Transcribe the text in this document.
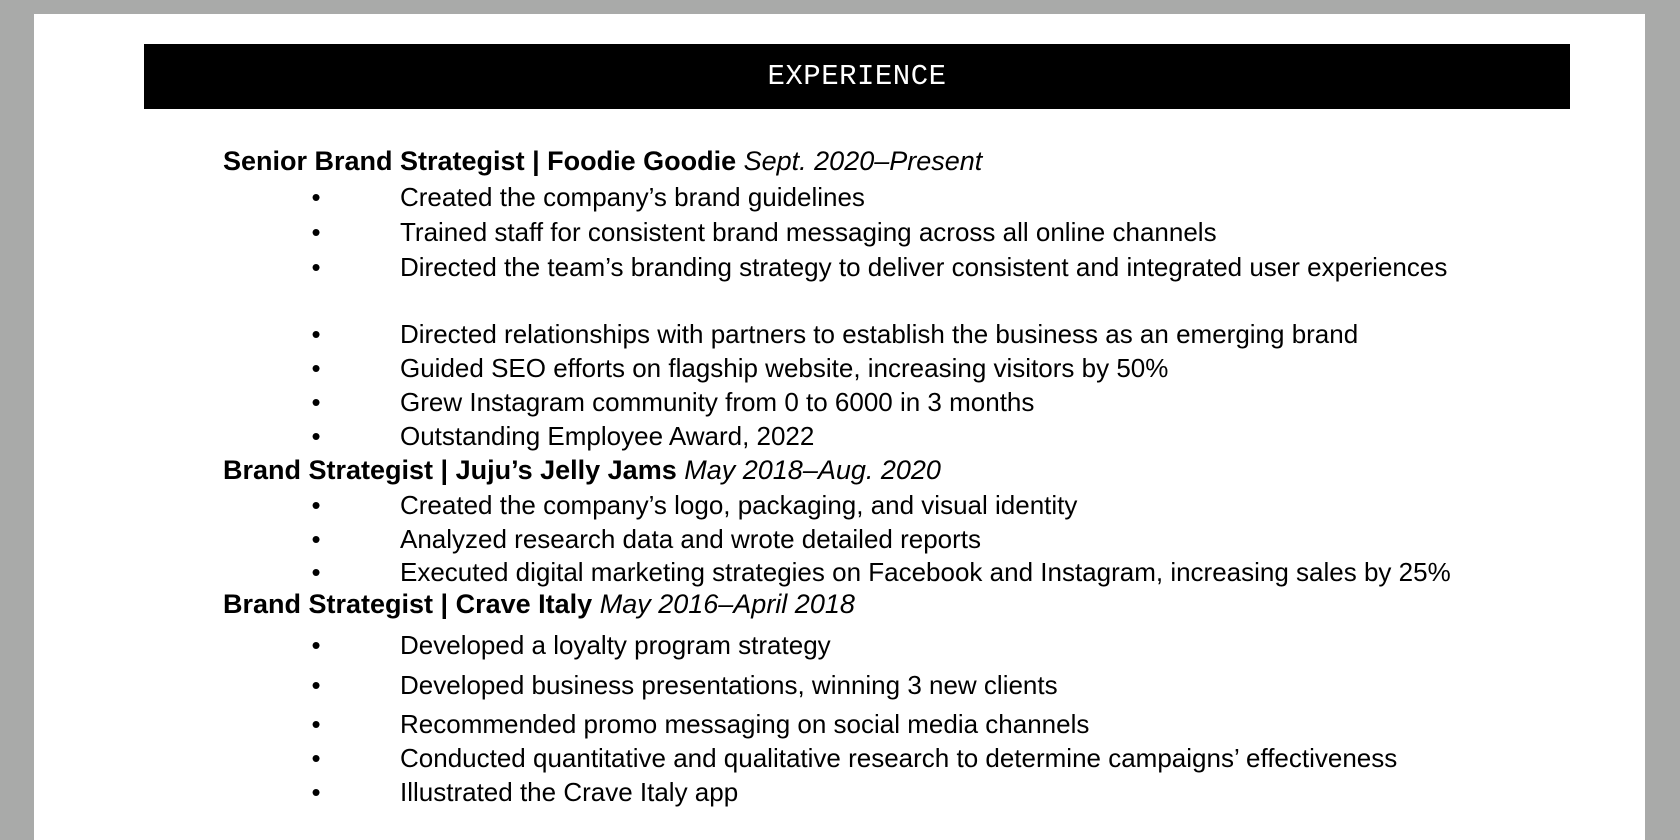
EXPERIENCE
Senior Brand Strategist | Foodie Goodie Sept. 2020–Present
•	Created the company’s brand guidelines
•	Trained staff for consistent brand messaging across all online channels
•	Directed the team’s branding strategy to deliver consistent and integrated user experiences
•	Directed relationships with partners to establish the business as an emerging brand
•	Guided SEO efforts on flagship website, increasing visitors by 50%
•	Grew Instagram community from 0 to 6000 in 3 months
•	Outstanding Employee Award, 2022
Brand Strategist | Juju’s Jelly Jams May 2018–Aug. 2020
•	Created the company’s logo, packaging, and visual identity
•	Analyzed research data and wrote detailed reports
•	Executed digital marketing strategies on Facebook and Instagram, increasing sales by 25%
Brand Strategist | Crave Italy May 2016–April 2018
•	Developed a loyalty program strategy
•	Developed business presentations, winning 3 new clients
•	Recommended promo messaging on social media channels
•	Conducted quantitative and qualitative research to determine campaigns’ effectiveness
•	Illustrated the Crave Italy app
